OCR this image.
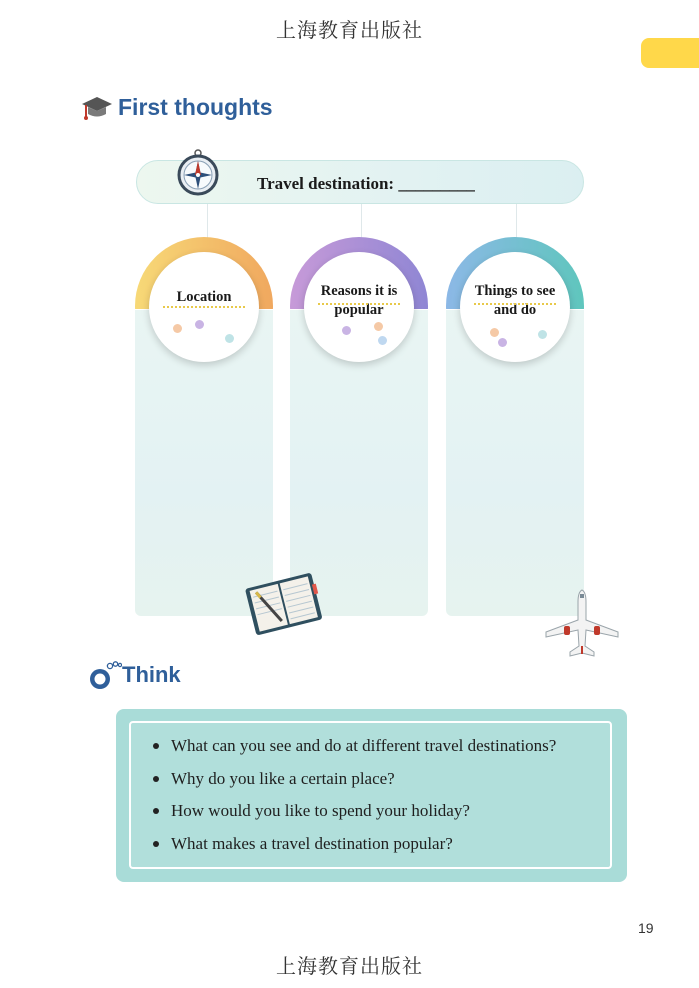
上海教育出版社
First thoughts
Travel destination: _________
Location	Reasons it is
popular
Things to see
and do
Think
What can you see and do at different travel destinations?
Why do you like a certain place?
How would you like to spend your holiday?
What makes a travel destination popular?
19
上海教育出版社
